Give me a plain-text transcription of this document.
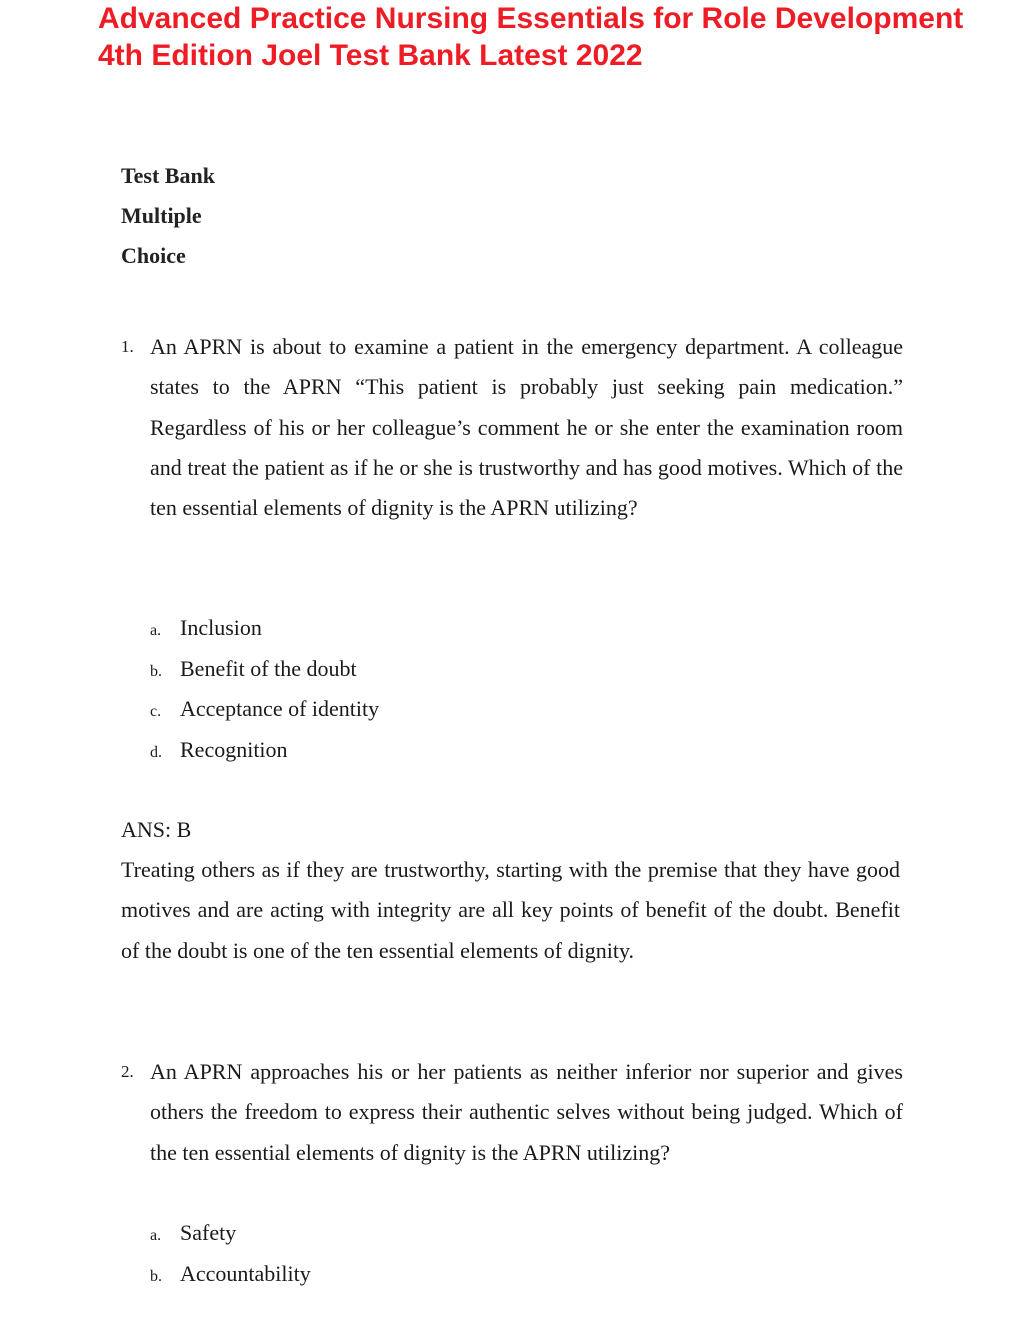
Advanced Practice Nursing Essentials for Role Development 4th Edition Joel Test Bank Latest 2022
Test Bank
Multiple
Choice
1. An APRN is about to examine a patient in the emergency department. A colleague states to the APRN “This patient is probably just seeking pain medication.” Regardless of his or her colleague’s comment he or she enter the examination room and treat the patient as if he or she is trustworthy and has good motives. Which of the ten essential elements of dignity is the APRN utilizing?
a. Inclusion
b. Benefit of the doubt
c. Acceptance of identity
d. Recognition
ANS: B

Treating others as if they are trustworthy, starting with the premise that they have good motives and are acting with integrity are all key points of benefit of the doubt. Benefit of the doubt is one of the ten essential elements of dignity.

2. An APRN approaches his or her patients as neither inferior nor superior and gives others the freedom to express their authentic selves without being judged. Which of the ten essential elements of dignity is the APRN utilizing?
a. Safety
b. Accountability
